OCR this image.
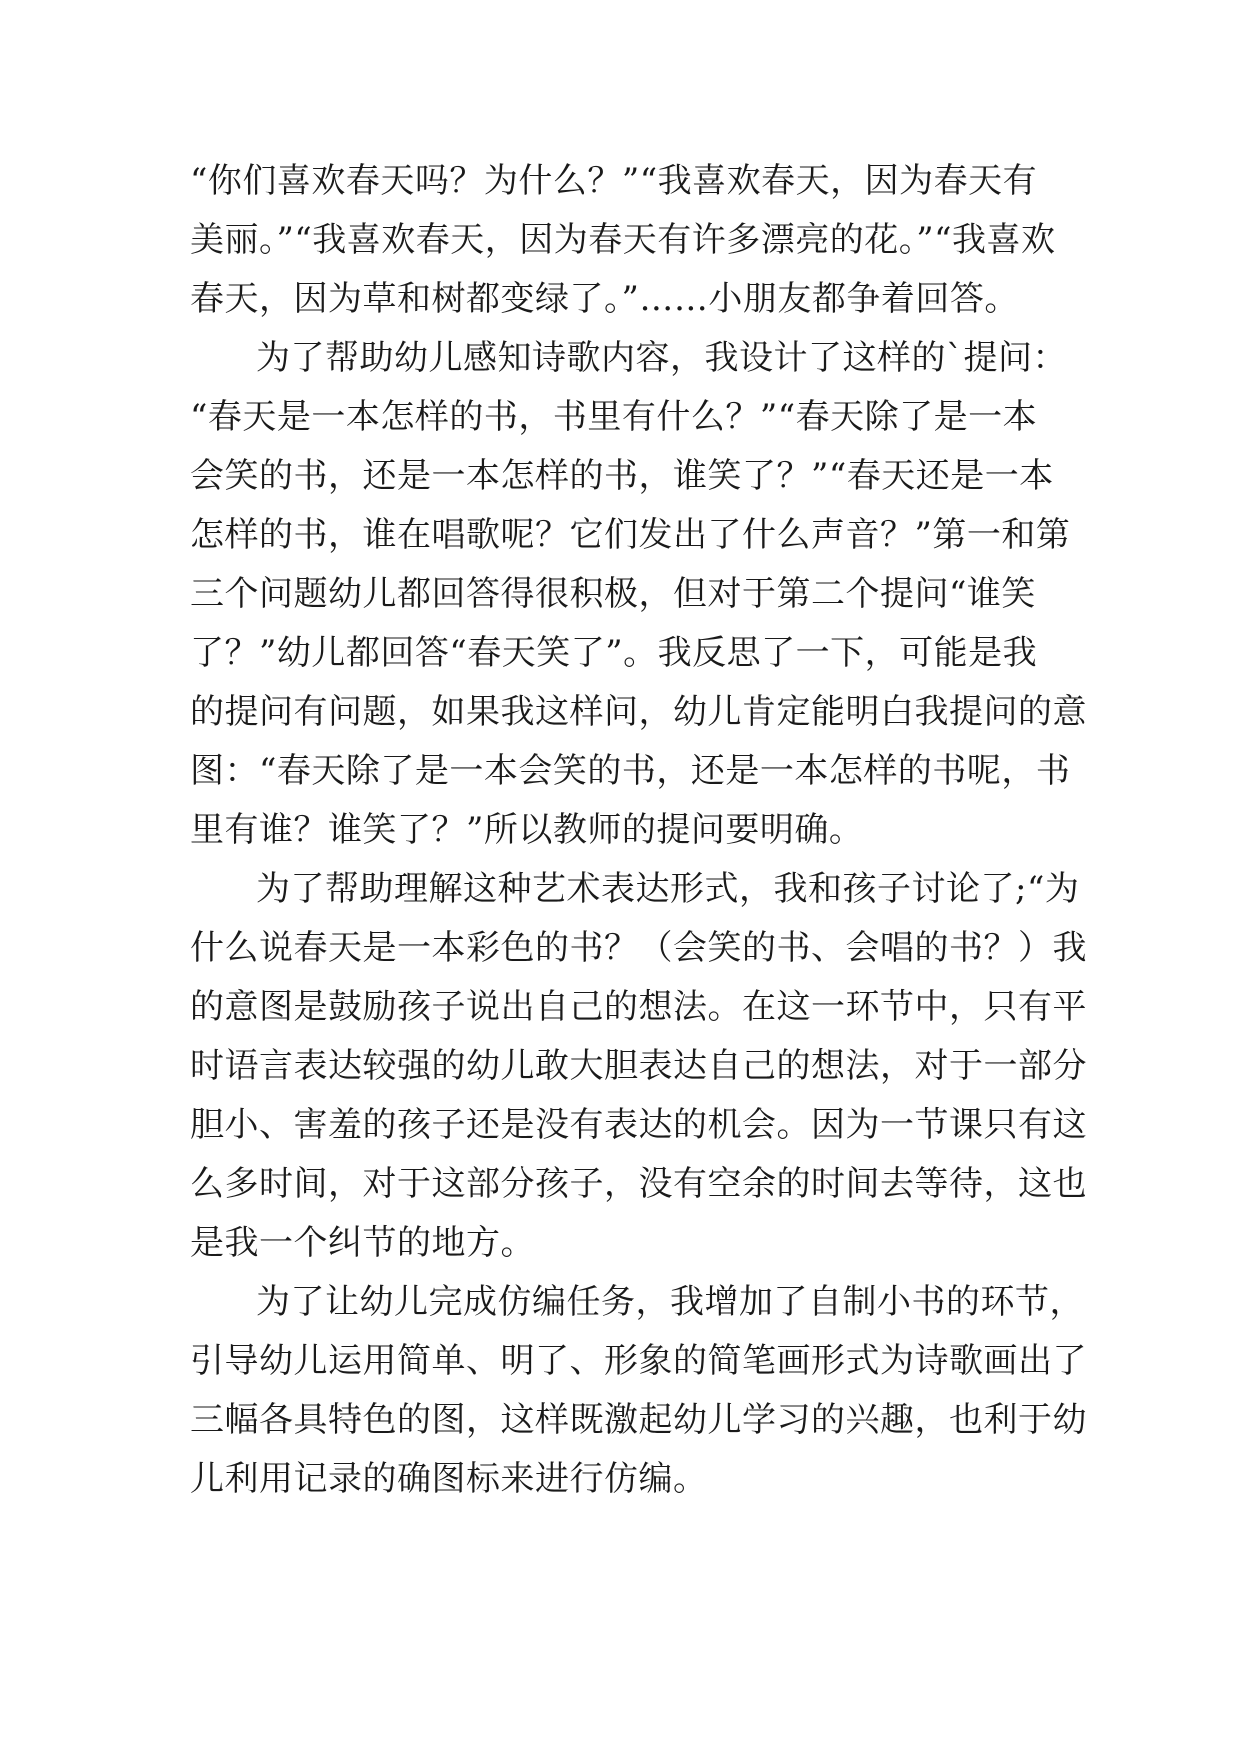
“你们喜欢春天吗？为什么？”“我喜欢春天，因为春天有
美丽。”“我喜欢春天，因为春天有许多漂亮的花。”“我喜欢
春天，因为草和树都变绿了。”……小朋友都争着回答。
为了帮助幼儿感知诗歌内容，我设计了这样的`提问：
“春天是一本怎样的书，书里有什么？”“春天除了是一本
会笑的书，还是一本怎样的书，谁笑了？”“春天还是一本
怎样的书，谁在唱歌呢？它们发出了什么声音？”第一和第
三个问题幼儿都回答得很积极，但对于第二个提问“谁笑
了？”幼儿都回答“春天笑了”。我反思了一下，可能是我
的提问有问题，如果我这样问，幼儿肯定能明白我提问的意
图：“春天除了是一本会笑的书，还是一本怎样的书呢，书
里有谁？谁笑了？”所以教师的提问要明确。
为了帮助理解这种艺术表达形式，我和孩子讨论了;“为
什么说春天是一本彩色的书？（会笑的书、会唱的书？）我
的意图是鼓励孩子说出自己的想法。在这一环节中，只有平
时语言表达较强的幼儿敢大胆表达自己的想法，对于一部分
胆小、害羞的孩子还是没有表达的机会。因为一节课只有这
么多时间，对于这部分孩子，没有空余的时间去等待，这也
是我一个纠节的地方。
为了让幼儿完成仿编任务，我增加了自制小书的环节，
引导幼儿运用简单、明了、形象的简笔画形式为诗歌画出了
三幅各具特色的图，这样既激起幼儿学习的兴趣，也利于幼
儿利用记录的确图标来进行仿编。
